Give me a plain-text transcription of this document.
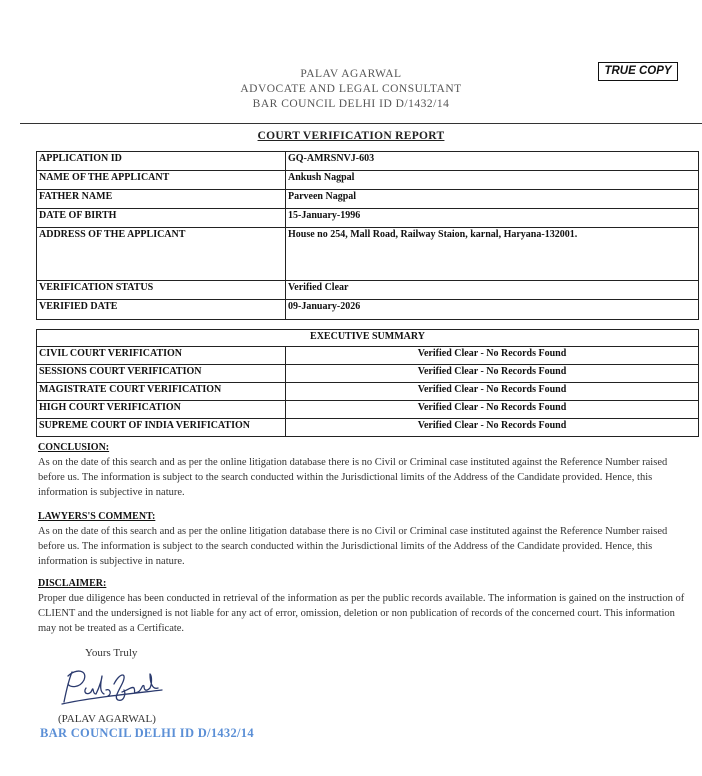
PALAV AGARWAL
ADVOCATE AND LEGAL CONSULTANT
BAR COUNCIL DELHI ID D/1432/14
TRUE COPY
COURT VERIFICATION REPORT
APPLICATION ID	GQ-AMRSNVJ-603
NAME OF THE APPLICANT	Ankush Nagpal
FATHER NAME	Parveen Nagpal
DATE OF BIRTH	15-January-1996
ADDRESS OF THE APPLICANT	House no 254, Mall Road, Railway Staion, karnal, Haryana-132001.
VERIFICATION STATUS	Verified Clear
VERIFIED DATE	09-January-2026
EXECUTIVE SUMMARY	
CIVIL COURT VERIFICATION	Verified Clear - No Records Found
SESSIONS COURT VERIFICATION	Verified Clear - No Records Found
MAGISTRATE COURT VERIFICATION	Verified Clear - No Records Found
HIGH COURT VERIFICATION	Verified Clear - No Records Found
SUPREME COURT OF INDIA VERIFICATION	Verified Clear - No Records Found
CONCLUSION:

As on the date of this search and as per the online litigation database there is no Civil or Criminal case instituted against the Reference Number raised before us. The information is subject to the search conducted within the Jurisdictional limits of the Address of the Candidate provided. Hence, this information is subjective in nature.

LAWYERS'S COMMENT:

As on the date of this search and as per the online litigation database there is no Civil or Criminal case instituted against the Reference Number raised before us. The information is subject to the search conducted within the Jurisdictional limits of the Address of the Candidate provided. Hence, this information is subjective in nature.

DISCLAIMER:

Proper due diligence has been conducted in retrieval of the information as per the public records available. The information is gained on the instruction of CLIENT and the undersigned is not liable for any act of error, omission, deletion or non publication of records of the concerned court. This information may not be treated as a Certificate.

Yours Truly
(PALAV AGARWAL)
BAR COUNCIL DELHI ID D/1432/14
